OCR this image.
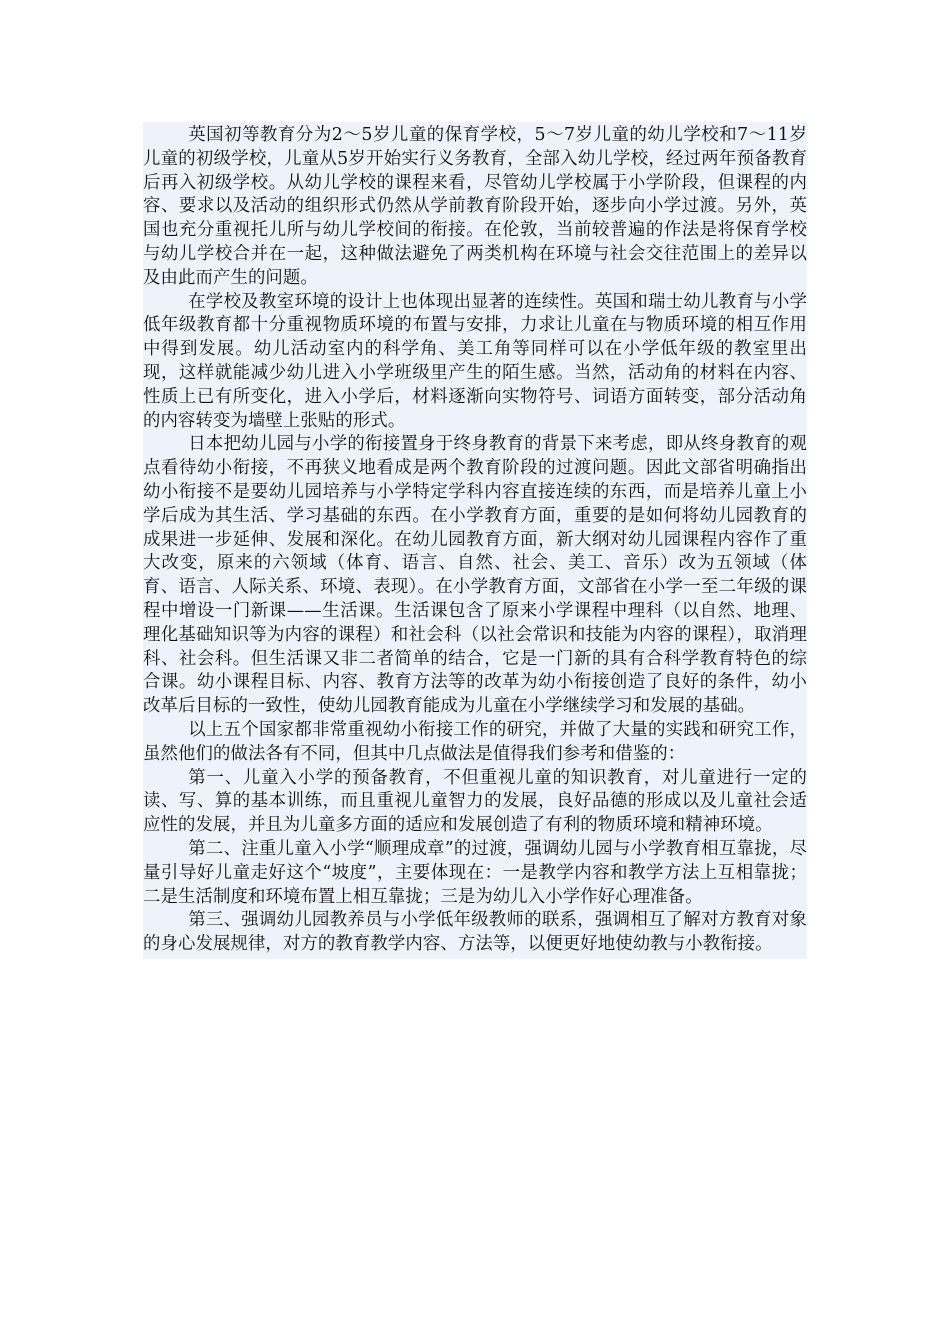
英国初等教育分为2～5岁儿童的保育学校，5～7岁儿童的幼儿学校和7～11岁儿童的初级学校，儿童从5岁开始实行义务教育，全部入幼儿学校，经过两年预备教育后再入初级学校。从幼儿学校的课程来看，尽管幼儿学校属于小学阶段，但课程的内容、要求以及活动的组织形式仍然从学前教育阶段开始，逐步向小学过渡。另外，英国也充分重视托儿所与幼儿学校间的衔接。在伦敦，当前较普遍的作法是将保育学校与幼儿学校合并在一起，这种做法避免了两类机构在环境与社会交往范围上的差异以及由此而产生的问题。

在学校及教室环境的设计上也体现出显著的连续性。英国和瑞士幼儿教育与小学低年级教育都十分重视物质环境的布置与安排，力求让儿童在与物质环境的相互作用中得到发展。幼儿活动室内的科学角、美工角等同样可以在小学低年级的教室里出现，这样就能减少幼儿进入小学班级里产生的陌生感。当然，活动角的材料在内容、性质上已有所变化，进入小学后，材料逐渐向实物符号、词语方面转变，部分活动角的内容转变为墙壁上张贴的形式。

日本把幼儿园与小学的衔接置身于终身教育的背景下来考虑，即从终身教育的观点看待幼小衔接，不再狭义地看成是两个教育阶段的过渡问题。因此文部省明确指出幼小衔接不是要幼儿园培养与小学特定学科内容直接连续的东西，而是培养儿童上小学后成为其生活、学习基础的东西。在小学教育方面，重要的是如何将幼儿园教育的成果进一步延伸、发展和深化。在幼儿园教育方面，新大纲对幼儿园课程内容作了重大改变，原来的六领域（体育、语言、自然、社会、美工、音乐）改为五领域（体育、语言、人际关系、环境、表现）。在小学教育方面，文部省在小学一至二年级的课程中增设一门新课——生活课。生活课包含了原来小学课程中理科（以自然、地理、理化基础知识等为内容的课程）和社会科（以社会常识和技能为内容的课程），取消理科、社会科。但生活课又非二者简单的结合，它是一门新的具有合科学教育特色的综合课。幼小课程目标、内容、教育方法等的改革为幼小衔接创造了良好的条件，幼小改革后目标的一致性，使幼儿园教育能成为儿童在小学继续学习和发展的基础。

以上五个国家都非常重视幼小衔接工作的研究，并做了大量的实践和研究工作，虽然他们的做法各有不同，但其中几点做法是值得我们参考和借鉴的：

第一、儿童入小学的预备教育，不但重视儿童的知识教育，对儿童进行一定的读、写、算的基本训练，而且重视儿童智力的发展，良好品德的形成以及儿童社会适应性的发展，并且为儿童多方面的适应和发展创造了有利的物质环境和精神环境。

第二、注重儿童入小学“顺理成章”的过渡，强调幼儿园与小学教育相互靠拢，尽量引导好儿童走好这个“坡度”，主要体现在：一是教学内容和教学方法上互相靠拢；二是生活制度和环境布置上相互靠拢；三是为幼儿入小学作好心理准备。

第三、强调幼儿园教养员与小学低年级教师的联系，强调相互了解对方教育对象的身心发展规律，对方的教育教学内容、方法等，以便更好地使幼教与小教衔接。
